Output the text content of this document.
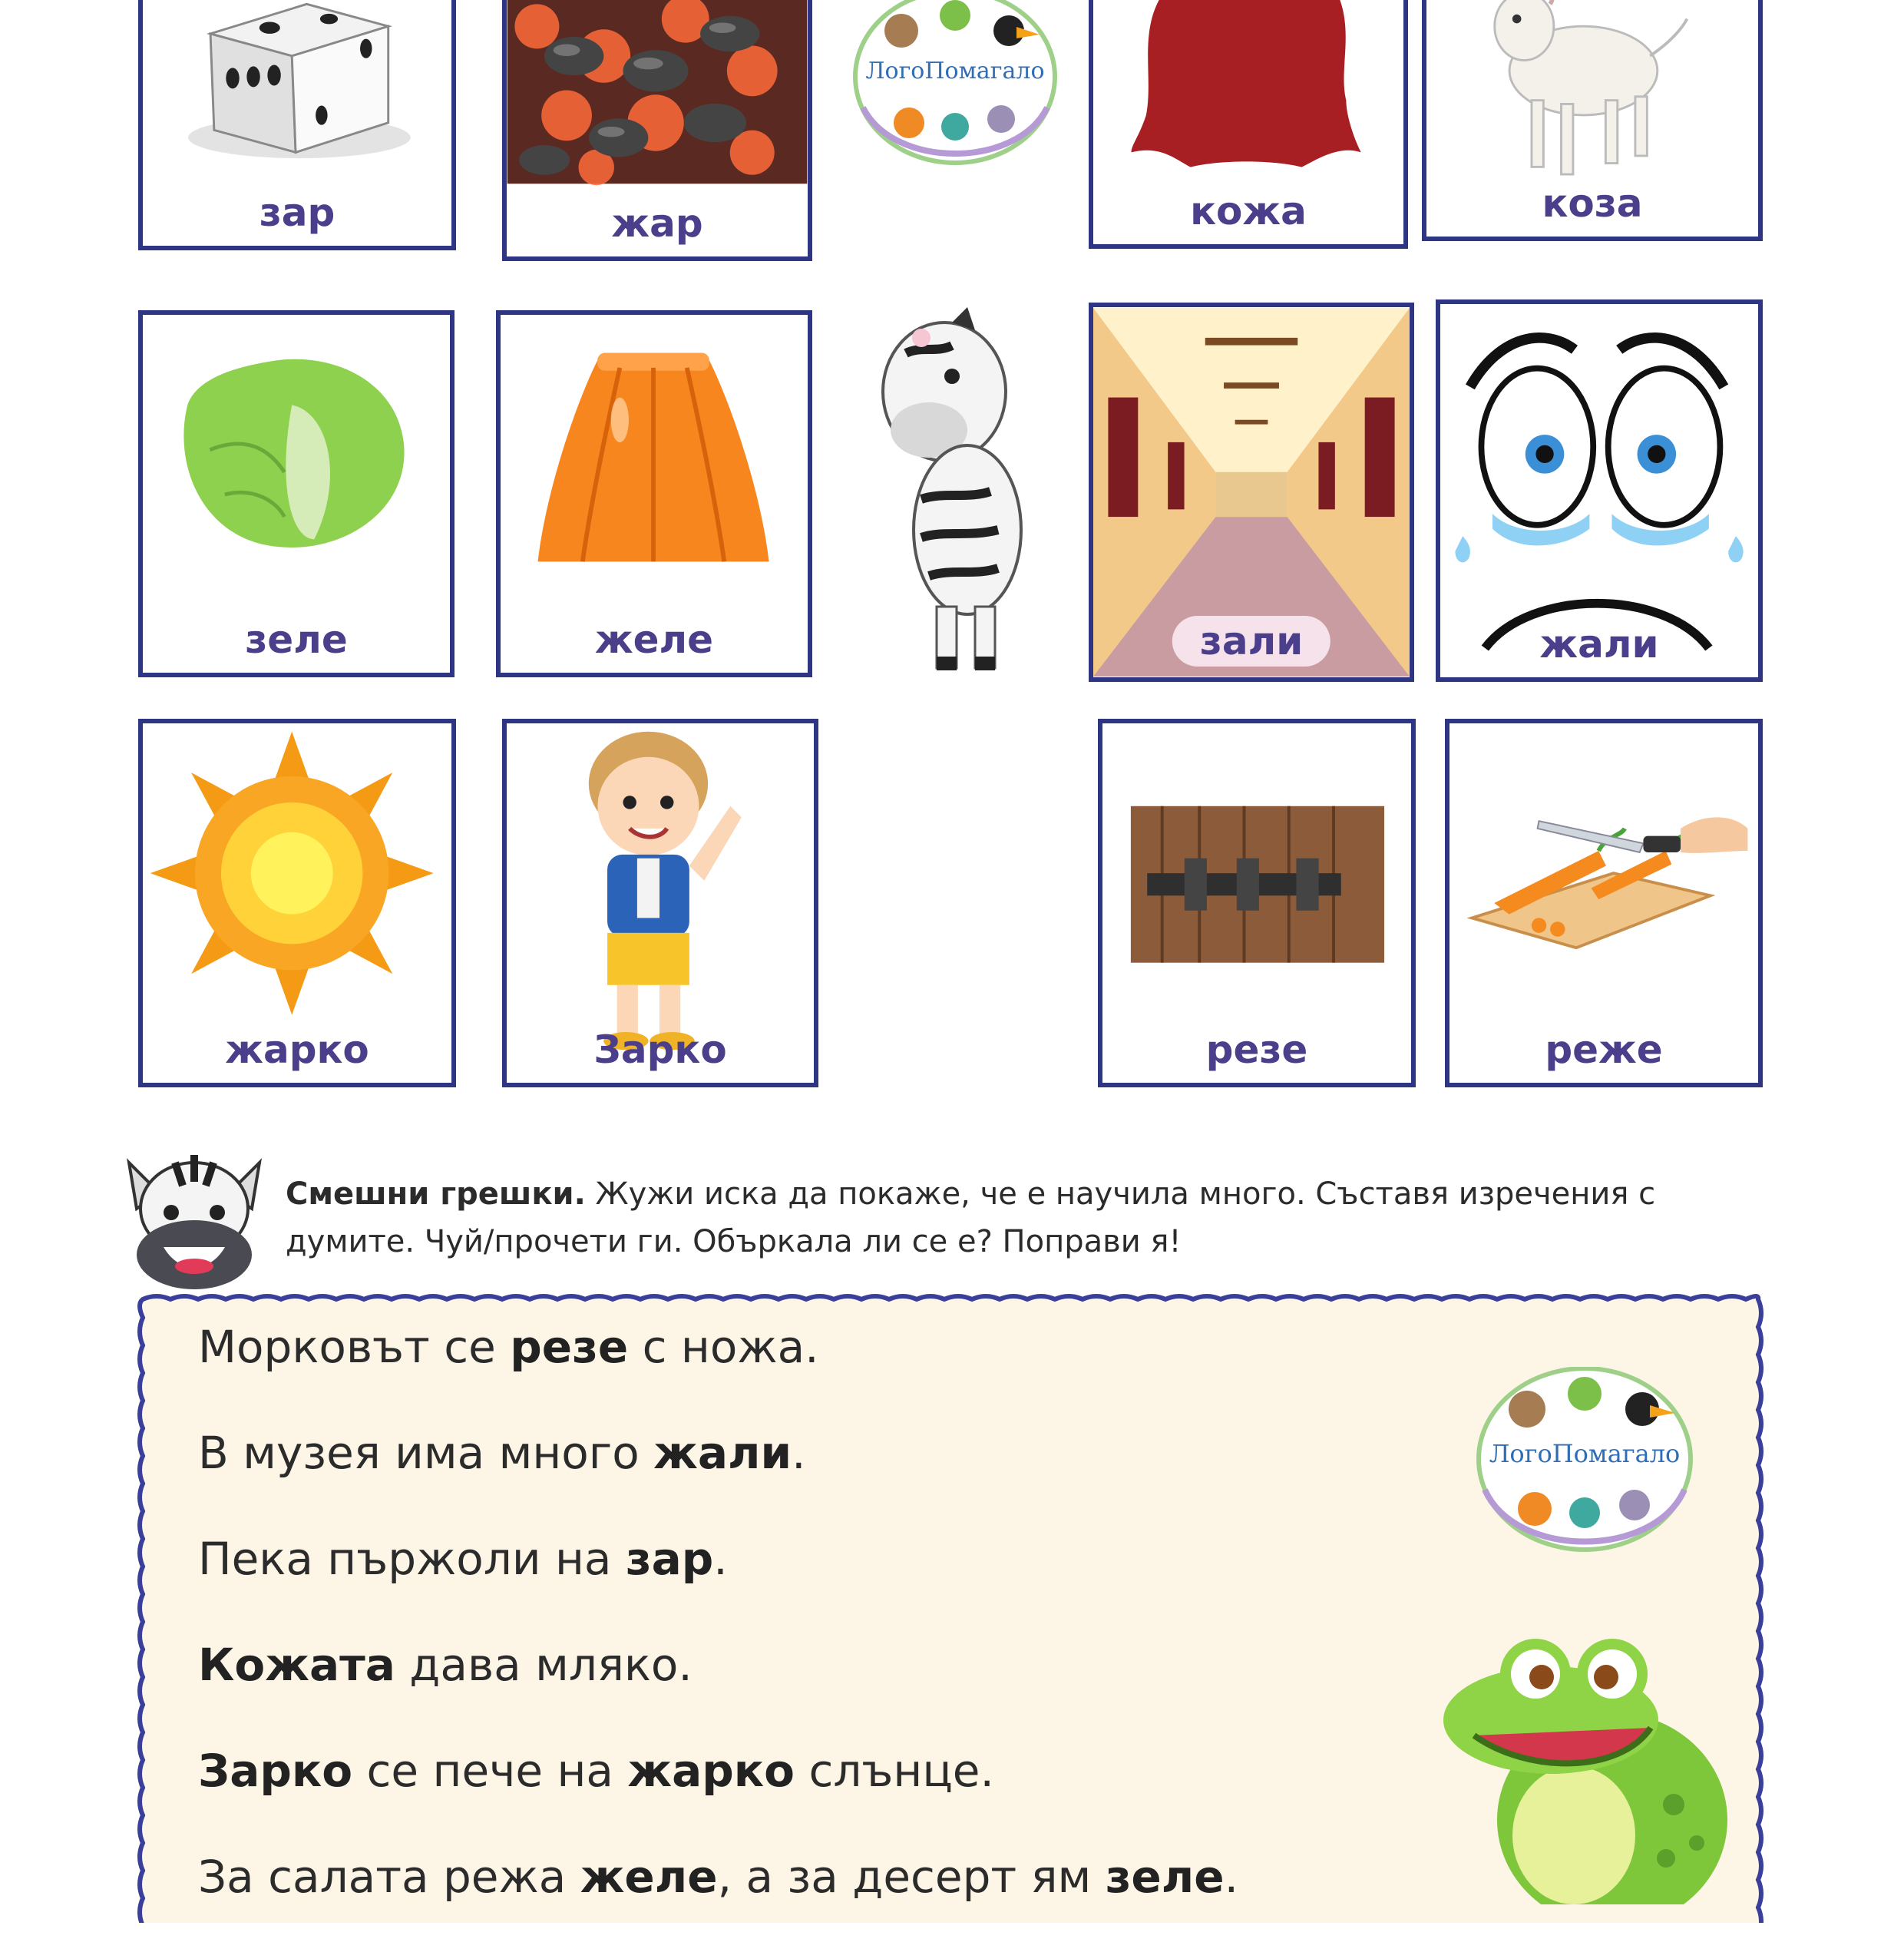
зар	жар	кожа	коза
ЛогоПомагало
зеле	желе	зали	жали
жарко	Зарко	резе	реже
Смешни грешки. Жужи иска да покаже, че е научила много. Съставя изречения с думите. Чуй/прочети ги. Объркала ли се е? Поправи я!
Морковът се резе с ножа.
В музея има много жали.
Пека пържоли на зар.
Кожата дава мляко.
Зарко се пече на жарко слънце.
За салата режа желе, а за десерт ям зеле.
ЛогоПомагало
